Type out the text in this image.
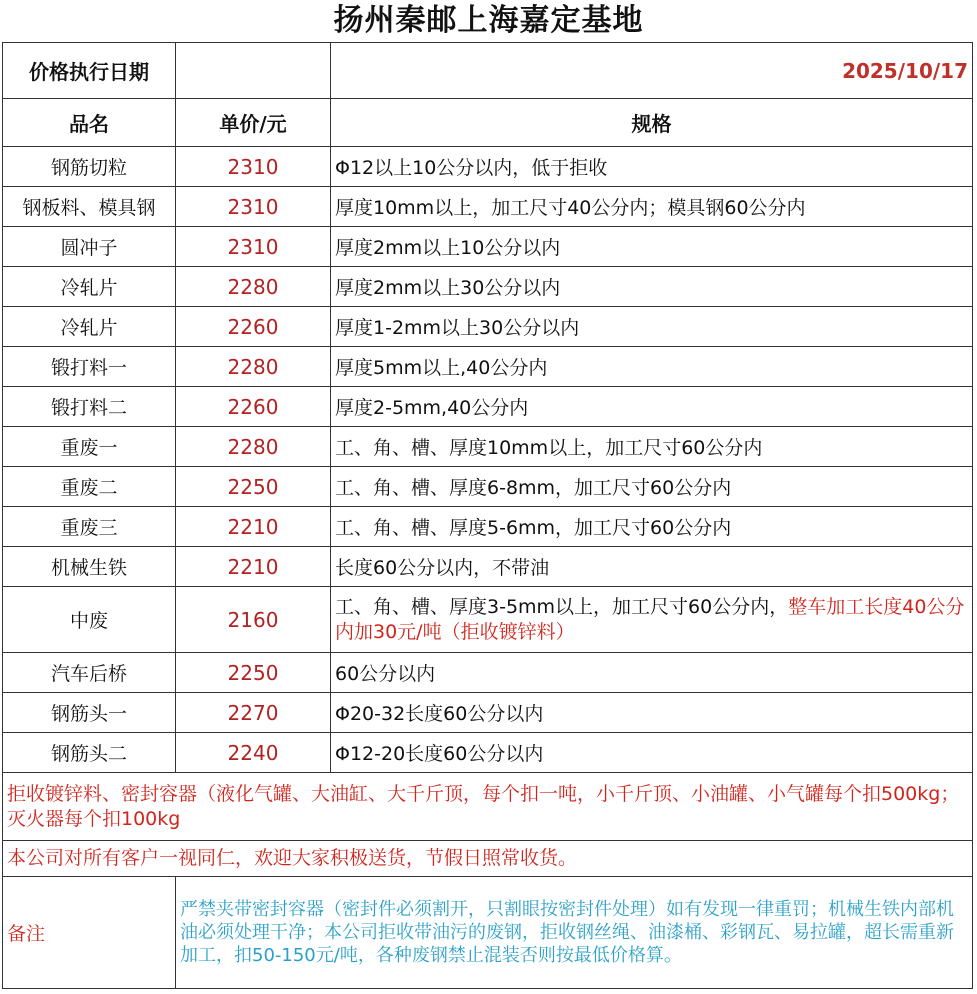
扬州秦邮上海嘉定基地
价格执行日期		2025/10/17
品名	单价/元	规格
钢筋切粒	2310	Φ12以上10公分以内，低于拒收
钢板料、模具钢	2310	厚度10mm以上，加工尺寸40公分内；模具钢60公分内
圆冲子	2310	厚度2mm以上10公分以内
冷轧片	2280	厚度2mm以上30公分以内
冷轧片	2260	厚度1-2mm以上30公分以内
锻打料一	2280	厚度5mm以上,40公分内
锻打料二	2260	厚度2-5mm,40公分内
重废一	2280	工、角、槽、厚度10mm以上，加工尺寸60公分内
重废二	2250	工、角、槽、厚度6-8mm，加工尺寸60公分内
重废三	2210	工、角、槽、厚度5-6mm，加工尺寸60公分内
机械生铁	2210	长度60公分以内，不带油
中废	2160	工、角、槽、厚度3-5mm以上，加工尺寸60公分内，整车加工长度40公分内加30元/吨（拒收镀锌料）
汽车后桥	2250	60公分以内
钢筋头一	2270	Φ20-32长度60公分以内
钢筋头二	2240	Φ12-20长度60公分以内
拒收镀锌料、密封容器（液化气罐、大油缸、大千斤顶，每个扣一吨，小千斤顶、小油罐、小气罐每个扣500kg；灭火器每个扣100kg		
本公司对所有客户一视同仁，欢迎大家积极送货，节假日照常收货。		
备注	严禁夹带密封容器（密封件必须割开，只割眼按密封件处理）如有发现一律重罚；机械生铁内部机油必须处理干净；本公司拒收带油污的废钢，拒收钢丝绳、油漆桶、彩钢瓦、易拉罐，超长需重新加工，扣50-150元/吨，各种废钢禁止混装否则按最低价格算。	
